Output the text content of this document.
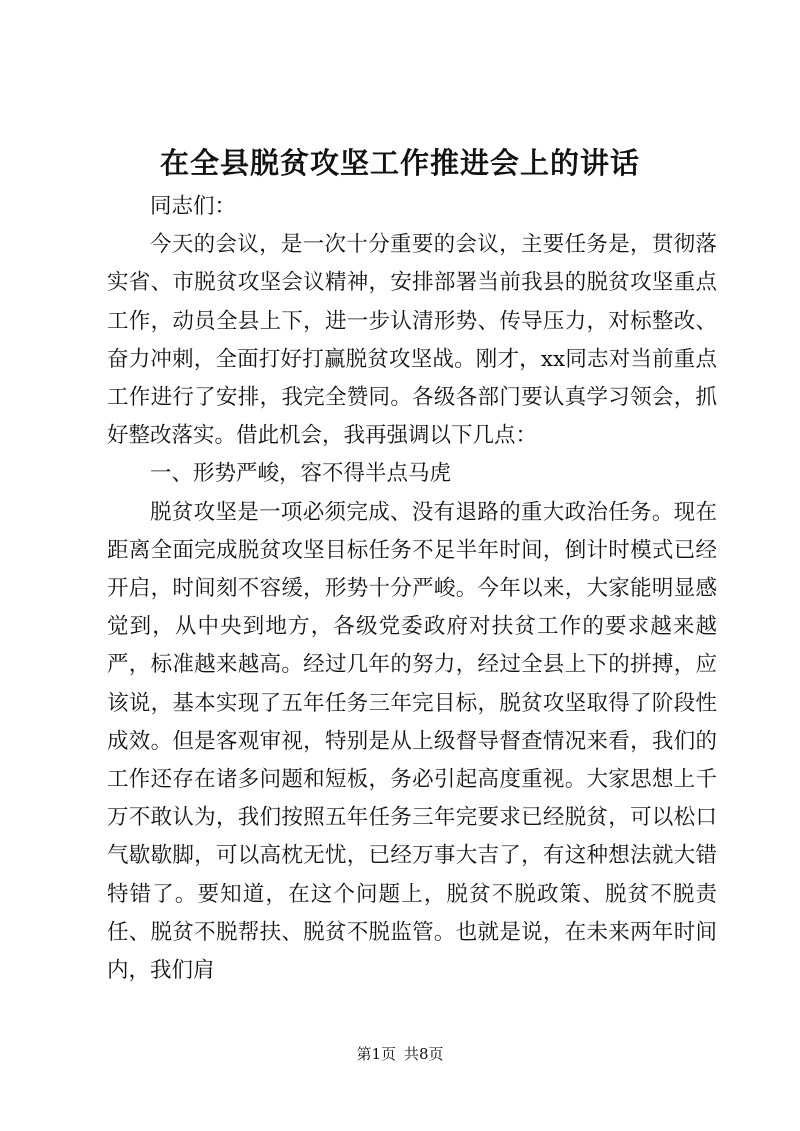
在全县脱贫攻坚工作推进会上的讲话

同志们：

今天的会议，是一次十分重要的会议，主要任务是，贯彻落实省、市脱贫攻坚会议精神，安排部署当前我县的脱贫攻坚重点工作，动员全县上下，进一步认清形势、传导压力，对标整改、奋力冲刺，全面打好打赢脱贫攻坚战。刚才，xx同志对当前重点工作进行了安排，我完全赞同。各级各部门要认真学习领会，抓好整改落实。借此机会，我再强调以下几点：

一、形势严峻，容不得半点马虎

脱贫攻坚是一项必须完成、没有退路的重大政治任务。现在距离全面完成脱贫攻坚目标任务不足半年时间，倒计时模式已经开启，时间刻不容缓，形势十分严峻。今年以来，大家能明显感觉到，从中央到地方，各级党委政府对扶贫工作的要求越来越严，标准越来越高。经过几年的努力，经过全县上下的拼搏，应该说，基本实现了五年任务三年完目标，脱贫攻坚取得了阶段性成效。但是客观审视，特别是从上级督导督查情况来看，我们的工作还存在诸多问题和短板，务必引起高度重视。大家思想上千万不敢认为，我们按照五年任务三年完要求已经脱贫，可以松口气歇歇脚，可以高枕无忧，已经万事大吉了，有这种想法就大错特错了。要知道，在这个问题上，脱贫不脱政策、脱贫不脱责任、脱贫不脱帮扶、脱贫不脱监管。也就是说，在未来两年时间内，我们肩

第1页 共8页
